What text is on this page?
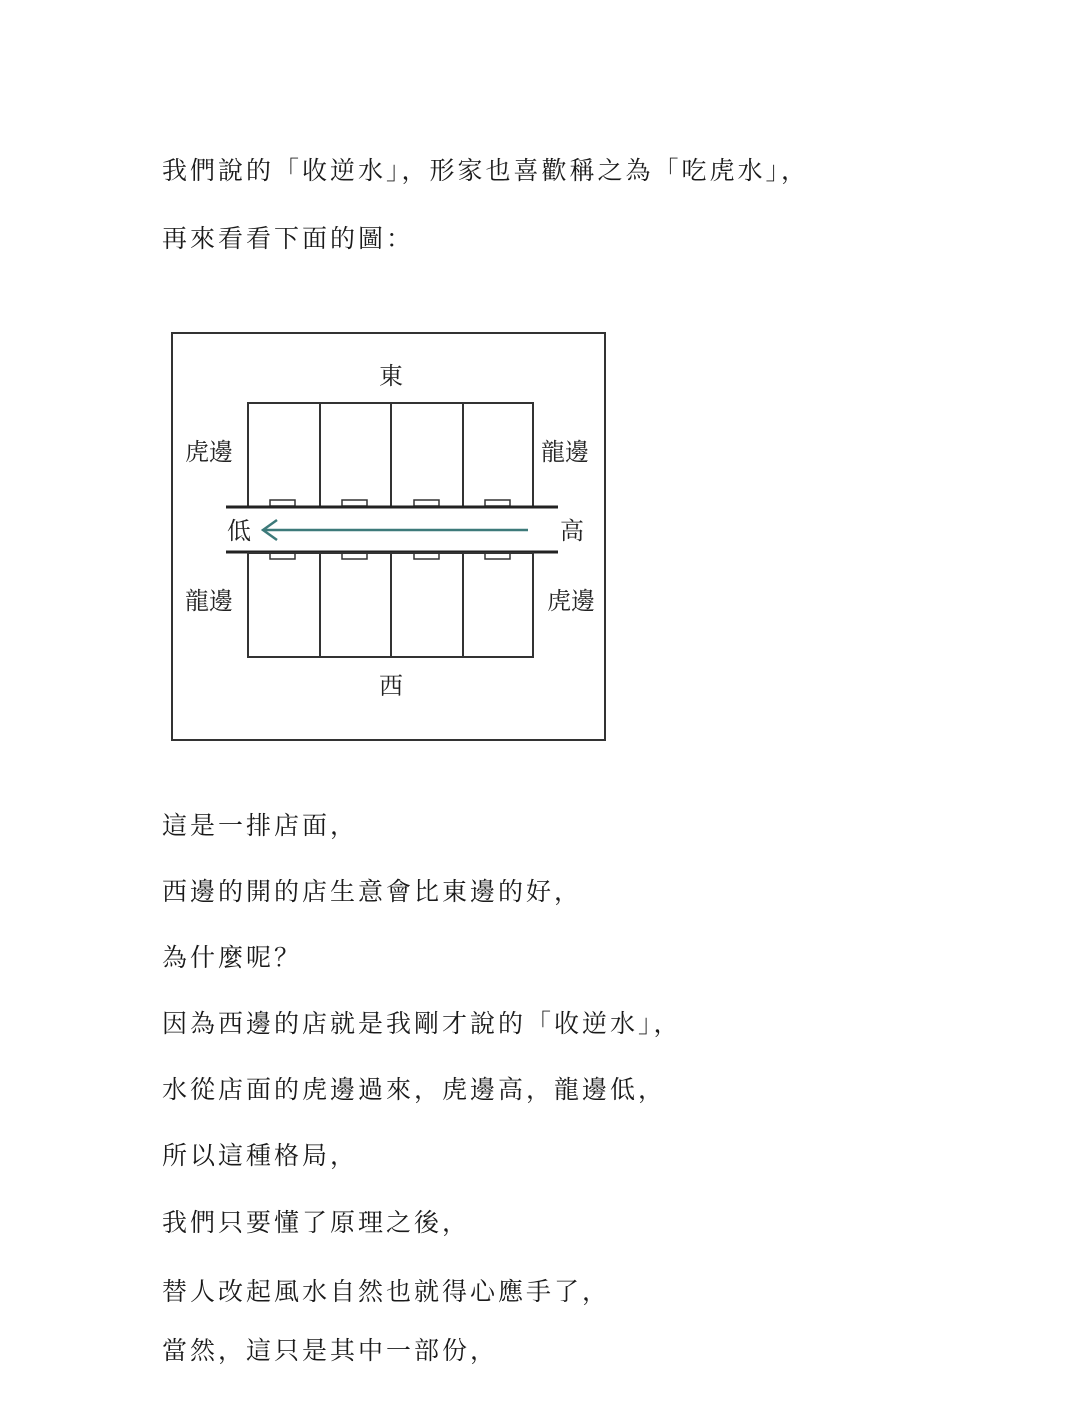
我們說的「收逆水」，形家也喜歡稱之為「吃虎水」，
再來看看下面的圖：
東
西
虎邊	龍邊
龍邊	虎邊
低	高
這是一排店面，
西邊的開的店生意會比東邊的好，
為什麼呢？
因為西邊的店就是我剛才說的「收逆水」，
水從店面的虎邊過來，虎邊高，龍邊低，
所以這種格局，
我們只要懂了原理之後，
替人改起風水自然也就得心應手了，
當然，這只是其中一部份，
